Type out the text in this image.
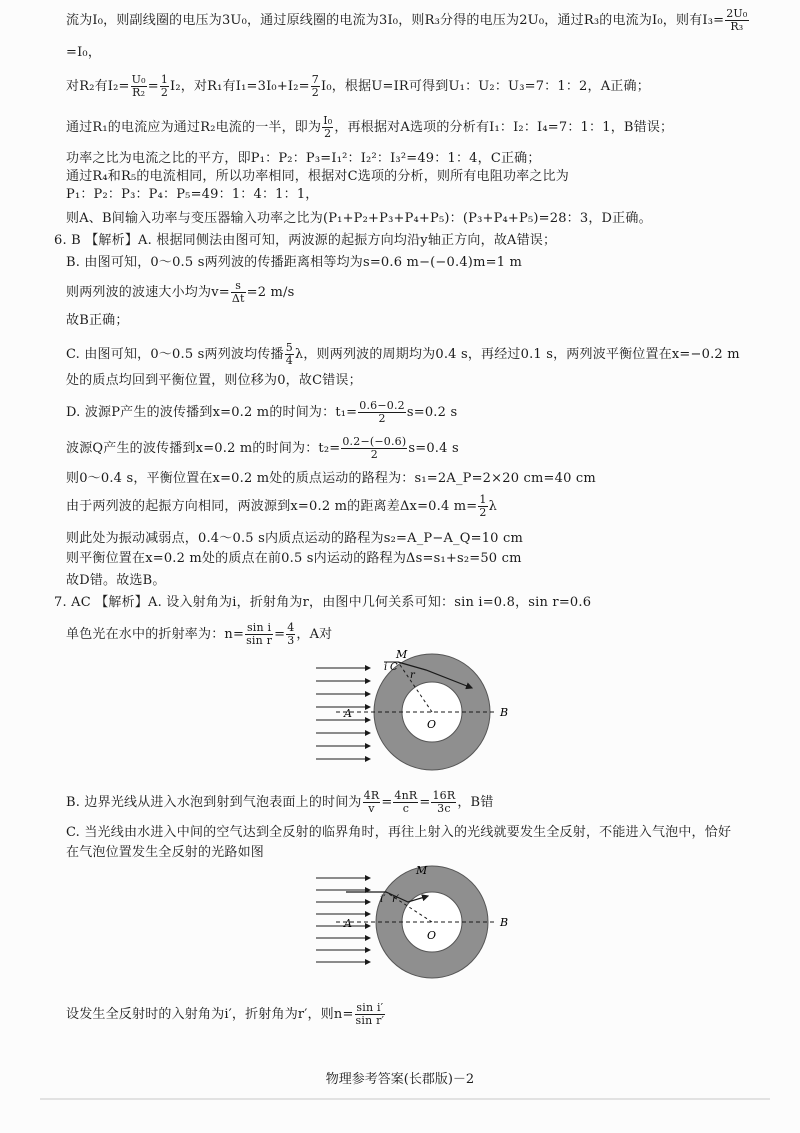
流为I₀，则副线圈的电压为3U₀，通过原线圈的电流为3I₀，则R₃分得的电压为2U₀，通过R₃的电流为I₀，则有$I_3= \frac{\text{2U₀}}{\text{R₃}}$
=I₀，
对R₂有$I_2= \frac{\text{U₀}}{\text{R₂}} = \frac{1}{2} I_2$，对R₁有$I_1=3I_0+I_2= \frac{7}{2} I_0$，根据U=IR可得到U₁：U₂：U₃=7：1：2，A正确；
通过R₁的电流应为通过R₂电流的一半，即为 $\frac{\text{I₀}}{2}$ ，再根据对A选项的分析有I₁：I₂：I₄=7：1：1，B错误；
功率之比为电流之比的平方，即P₁：P₂：P₃=I₁²：I₂²：I₃²=49：1：4，C正确；
通过R₄和R₅的电流相同，所以功率相同，根据对C选项的分析，则所有电阻功率之比为
P₁：P₂：P₃：P₄：P₅=49：1：4：1：1，
则A、B间输入功率与变压器输入功率之比为(P₁+P₂+P₃+P₄+P₅)：(P₃+P₄+P₅)=28：3，D正确。
6. B 【解析】A. 根据同侧法由图可知，两波源的起振方向均沿y轴正方向，故A错误；
B. 由图可知，0～0.5 s两列波的传播距离相等均为s=0.6 m−(−0.4)m=1 m
则两列波的波速大小均为$v= \frac{s}{\Delta t} =2$ m/s
故B正确；
C. 由图可知，0～0.5 s两列波均传播 $\frac{5}{4}$ λ，则两列波的周期均为0.4 s，再经过0.1 s，两列波平衡位置在x=−0.2 m
处的质点均回到平衡位置，则位移为0，故C错误；
D. 波源P产生的波传播到x=0.2 m的时间为：$t_1= \frac{0.6-0.2}{2} s=0.2$ s
波源Q产生的波传播到x=0.2 m的时间为：$t_2= \frac{0.2-(-0.6)}{2} s=0.4$ s
则0～0.4 s，平衡位置在x=0.2 m处的质点运动的路程为：s₁=2A_P=2×20 cm=40 cm
由于两列波的起振方向相同，两波源到x=0.2 m的距离差Δx=0.4 $m= \frac{1}{2}$ λ
则此处为振动减弱点，0.4～0.5 s内质点运动的路程为s₂=A_P−A_Q=10 cm
则平衡位置在x=0.2 m处的质点在前0.5 s内运动的路程为Δs=s₁+s₂=50 cm
故D错。故选B。
7. AC 【解析】A. 设入射角为i，折射角为r，由图中几何关系可知：sin i=0.8，sin r=0.6
单色光在水中的折射率为：$n= \frac{\text{sin i}}{\text{sin r}} = \frac{4}{3}$ ，A对
M
i C
r
O
A	B
B. 边界光线从进入水泡到射到气泡表面上的时间为 $\frac{4R}{v} = \frac{4nR}{c} = \frac{16R}{3c}$ ，B错
C. 当光线由水进入中间的空气达到全反射的临界角时，再往上射入的光线就要发生全反射，不能进入气泡中，恰好
在气泡位置发生全反射的光路如图
M
i′ r′
O
A	B
设发生全反射时的入射角为i′，折射角为r′，则$n= \frac{\text{sin i′}}{\text{sin r′}}$
物理参考答案(长郡版)－2
